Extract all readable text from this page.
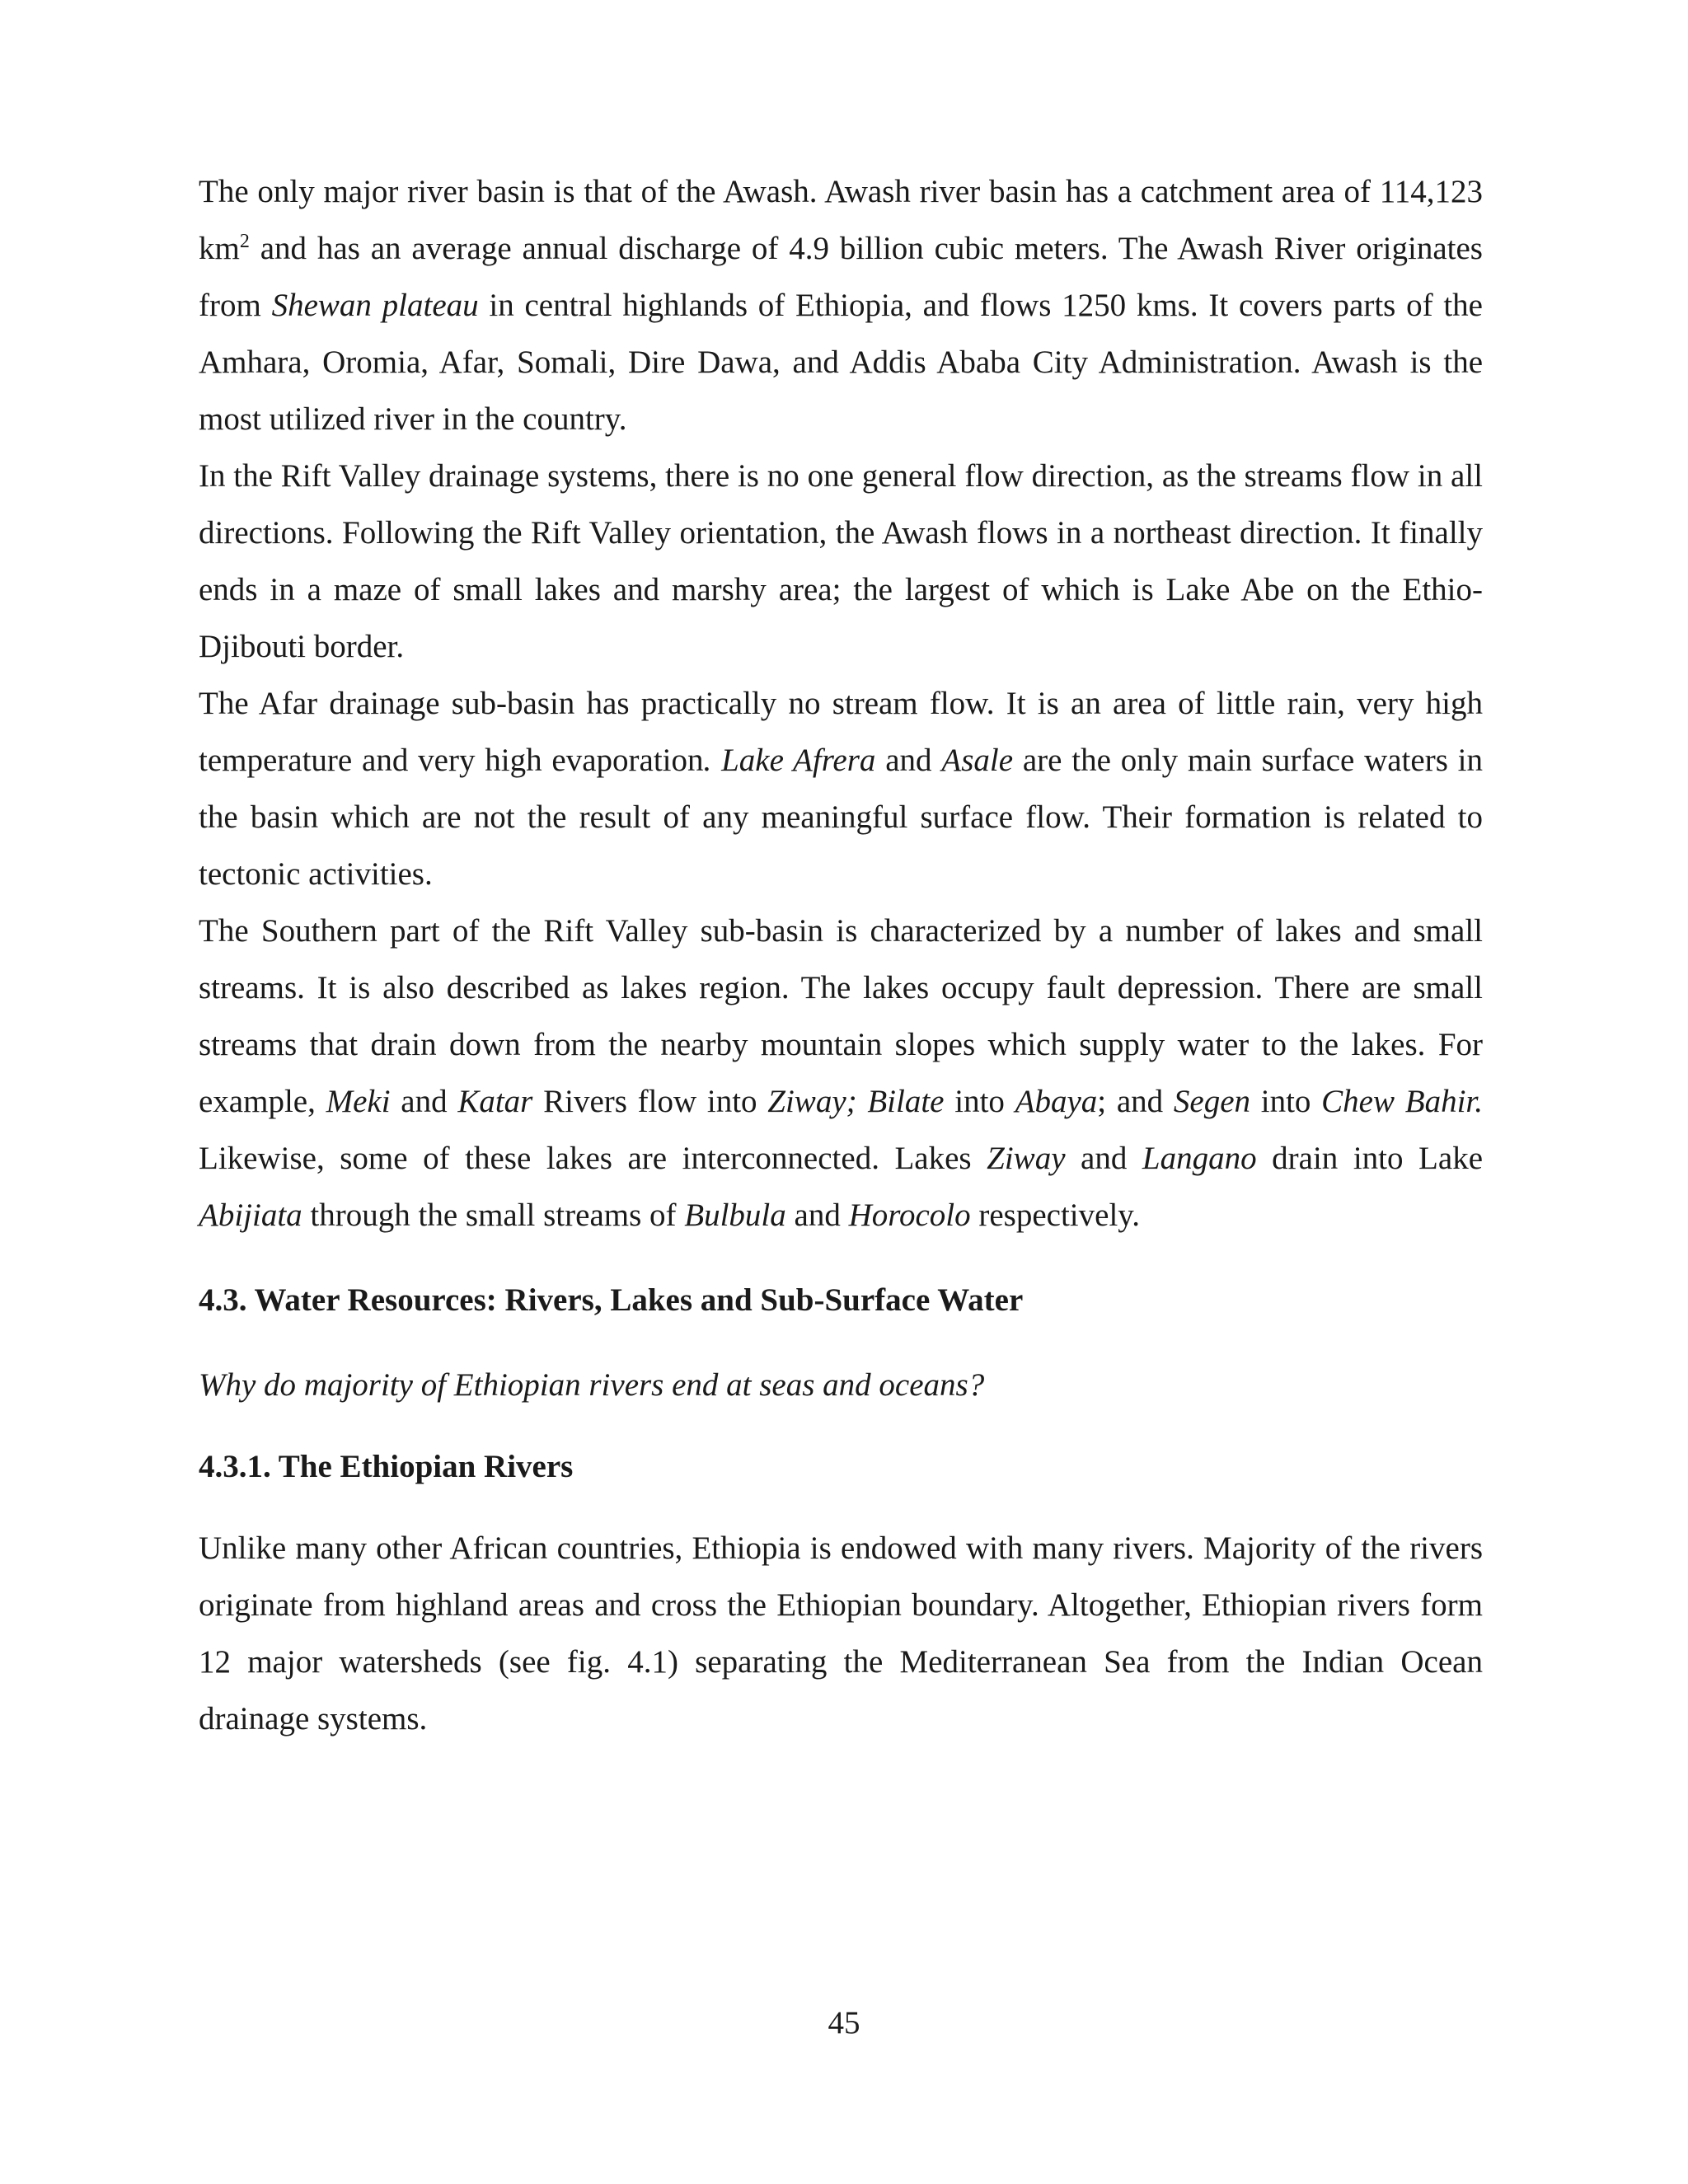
The only major river basin is that of the Awash. Awash river basin has a catchment area of 114,123 $km^2$ and has an average annual discharge of 4.9 billion cubic meters. The Awash River originates from Shewan plateau in central highlands of Ethiopia, and flows 1250 kms. It covers parts of the Amhara, Oromia, Afar, Somali, Dire Dawa, and Addis Ababa City Administration. Awash is the most utilized river in the country.

In the Rift Valley drainage systems, there is no one general flow direction, as the streams flow in all directions. Following the Rift Valley orientation, the Awash flows in a northeast direction. It finally ends in a maze of small lakes and marshy area; the largest of which is Lake Abe on the Ethio-Djibouti border.

The Afar drainage sub-basin has practically no stream flow. It is an area of little rain, very high temperature and very high evaporation. Lake Afrera and Asale are the only main surface waters in the basin which are not the result of any meaningful surface flow. Their formation is related to tectonic activities.

The Southern part of the Rift Valley sub-basin is characterized by a number of lakes and small streams. It is also described as lakes region. The lakes occupy fault depression. There are small streams that drain down from the nearby mountain slopes which supply water to the lakes. For example, Meki and Katar Rivers flow into Ziway; Bilate into Abaya; and Segen into Chew Bahir. Likewise, some of these lakes are interconnected. Lakes Ziway and Langano drain into Lake Abijiata through the small streams of Bulbula and Horocolo respectively.

4.3. Water Resources: Rivers, Lakes and Sub-Surface Water

Why do majority of Ethiopian rivers end at seas and oceans?

4.3.1. The Ethiopian Rivers

Unlike many other African countries, Ethiopia is endowed with many rivers. Majority of the rivers originate from highland areas and cross the Ethiopian boundary. Altogether, Ethiopian rivers form 12 major watersheds (see fig. 4.1) separating the Mediterranean Sea from the Indian Ocean drainage systems.

45
